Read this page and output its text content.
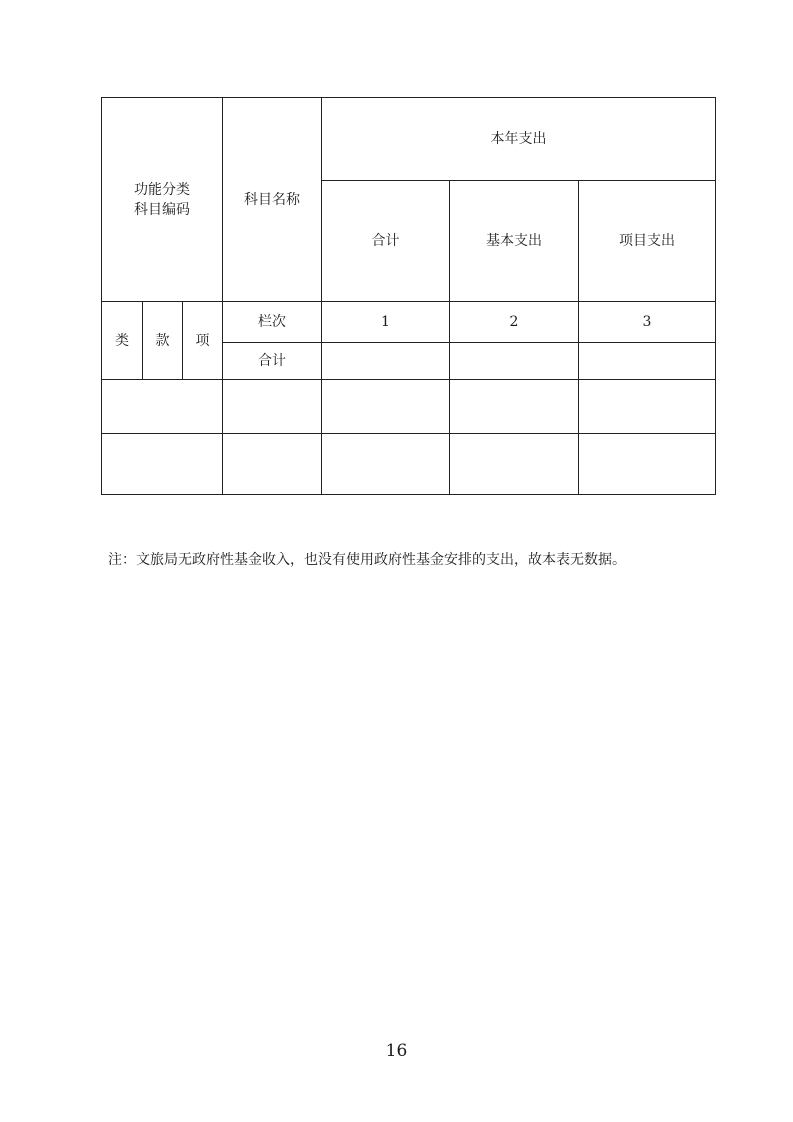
功能分类
科目编码			科目名称	本年支出		
				合计	基本支出	项目支出
类	款	项	栏次	1	2	3
			合计			

注：文旅局无政府性基金收入，也没有使用政府性基金安排的支出，故本表无数据。
16
